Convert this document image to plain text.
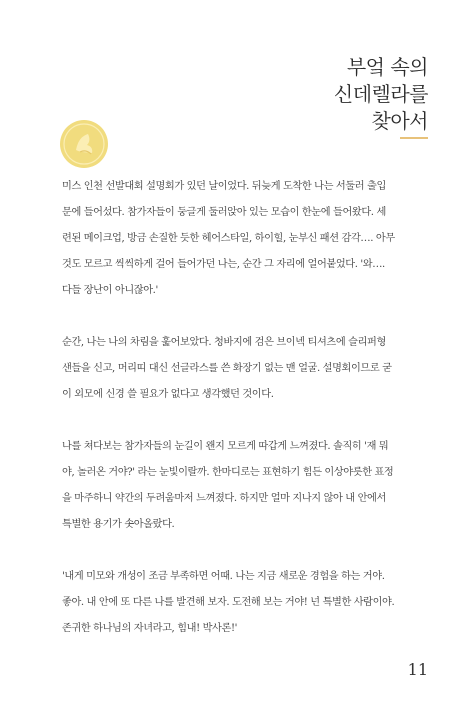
부엌 속의
신데렐라를
찾아서

미스 인천 선발대회 설명회가 있던 날이었다. 뒤늦게 도착한 나는 서둘러 출입
문에 들어섰다. 참가자들이 둥글게 둘러앉아 있는 모습이 한눈에 들어왔다. 세
련된 메이크업, 방금 손질한 듯한 헤어스타일, 하이힐, 눈부신 패션 감각…. 아무
것도 모르고 씩씩하게 걸어 들어가던 나는, 순간 그 자리에 얼어붙었다. '와….
다들 장난이 아니잖아.'

순간, 나는 나의 차림을 훑어보았다. 청바지에 검은 브이넥 티셔츠에 슬리퍼형
샌들을 신고, 머리띠 대신 선글라스를 쓴 화장기 없는 맨 얼굴. 설명회이므로 굳
이 외모에 신경 쓸 필요가 없다고 생각했던 것이다.

나를 쳐다보는 참가자들의 눈길이 왠지 모르게 따갑게 느껴졌다. 솔직히 '재 뭐
야, 놀러온 거야?' 라는 눈빛이랄까. 한마디로는 표현하기 힘든 이상야릇한 표정
을 마주하니 약간의 두려움마저 느껴졌다. 하지만 얼마 지나지 않아 내 안에서
특별한 용기가 솟아올랐다.

'내게 미모와 개성이 조금 부족하면 어때. 나는 지금 새로운 경험을 하는 거야.
좋아. 내 안에 또 다른 나를 발견해 보자. 도전해 보는 거야! 넌 특별한 사람이야.
존귀한 하나님의 자녀라고, 힘내! 박사론!'

11
